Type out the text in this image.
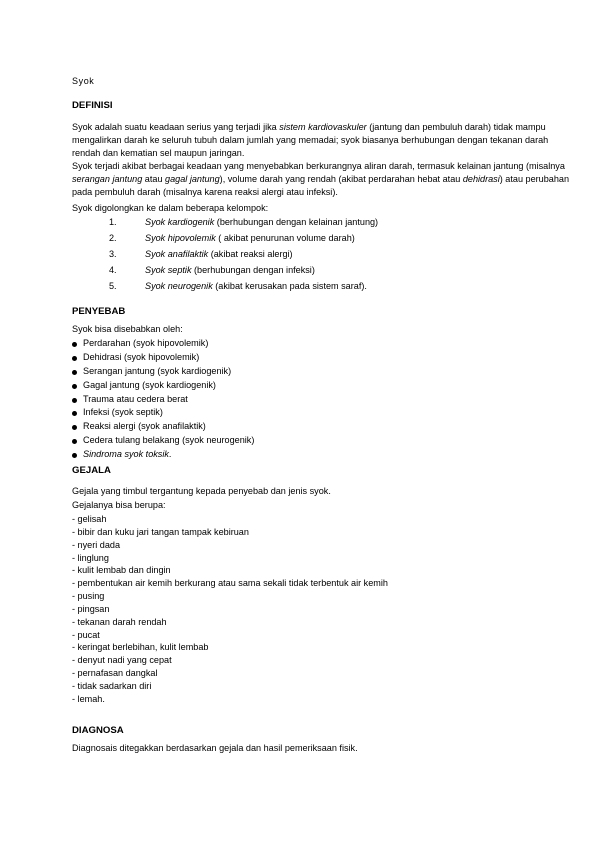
Syok
DEFINISI
Syok adalah suatu keadaan serius yang terjadi jika sistem kardiovaskuler (jantung dan pembuluh darah) tidak mampu mengalirkan darah ke seluruh tubuh dalam jumlah yang memadai; syok biasanya berhubungan dengan tekanan darah rendah dan kematian sel maupun jaringan.
Syok terjadi akibat berbagai keadaan yang menyebabkan berkurangnya aliran darah, termasuk kelainan jantung (misalnya serangan jantung atau gagal jantung), volume darah yang rendah (akibat perdarahan hebat atau dehidrasi) atau perubahan pada pembuluh darah (misalnya karena reaksi alergi atau infeksi).
Syok digolongkan ke dalam beberapa kelompok:
1.	Syok kardiogenik (berhubungan dengan kelainan jantung)
2.	Syok hipovolemik ( akibat penurunan volume darah)
3.	Syok anafilaktik (akibat reaksi alergi)
4.	Syok septik (berhubungan dengan infeksi)
5.	Syok neurogenik (akibat kerusakan pada sistem saraf).
PENYEBAB
Syok bisa disebabkan oleh:
Perdarahan (syok hipovolemik)
Dehidrasi (syok hipovolemik)
Serangan jantung (syok kardiogenik)
Gagal jantung (syok kardiogenik)
Trauma atau cedera berat
Infeksi (syok septik)
Reaksi alergi (syok anafilaktik)
Cedera tulang belakang (syok neurogenik)
Sindroma syok toksik.
GEJALA
Gejala yang timbul tergantung kepada penyebab dan jenis syok.
Gejalanya bisa berupa:
- gelisah
- bibir dan kuku jari tangan tampak kebiruan
- nyeri dada
- linglung
- kulit lembab dan dingin
- pembentukan air kemih berkurang atau sama sekali tidak terbentuk air kemih
- pusing
- pingsan
- tekanan darah rendah
- pucat
- keringat berlebihan, kulit lembab
- denyut nadi yang cepat
- pernafasan dangkal
- tidak sadarkan diri
- lemah.
DIAGNOSA
Diagnosais ditegakkan berdasarkan gejala dan hasil pemeriksaan fisik.
